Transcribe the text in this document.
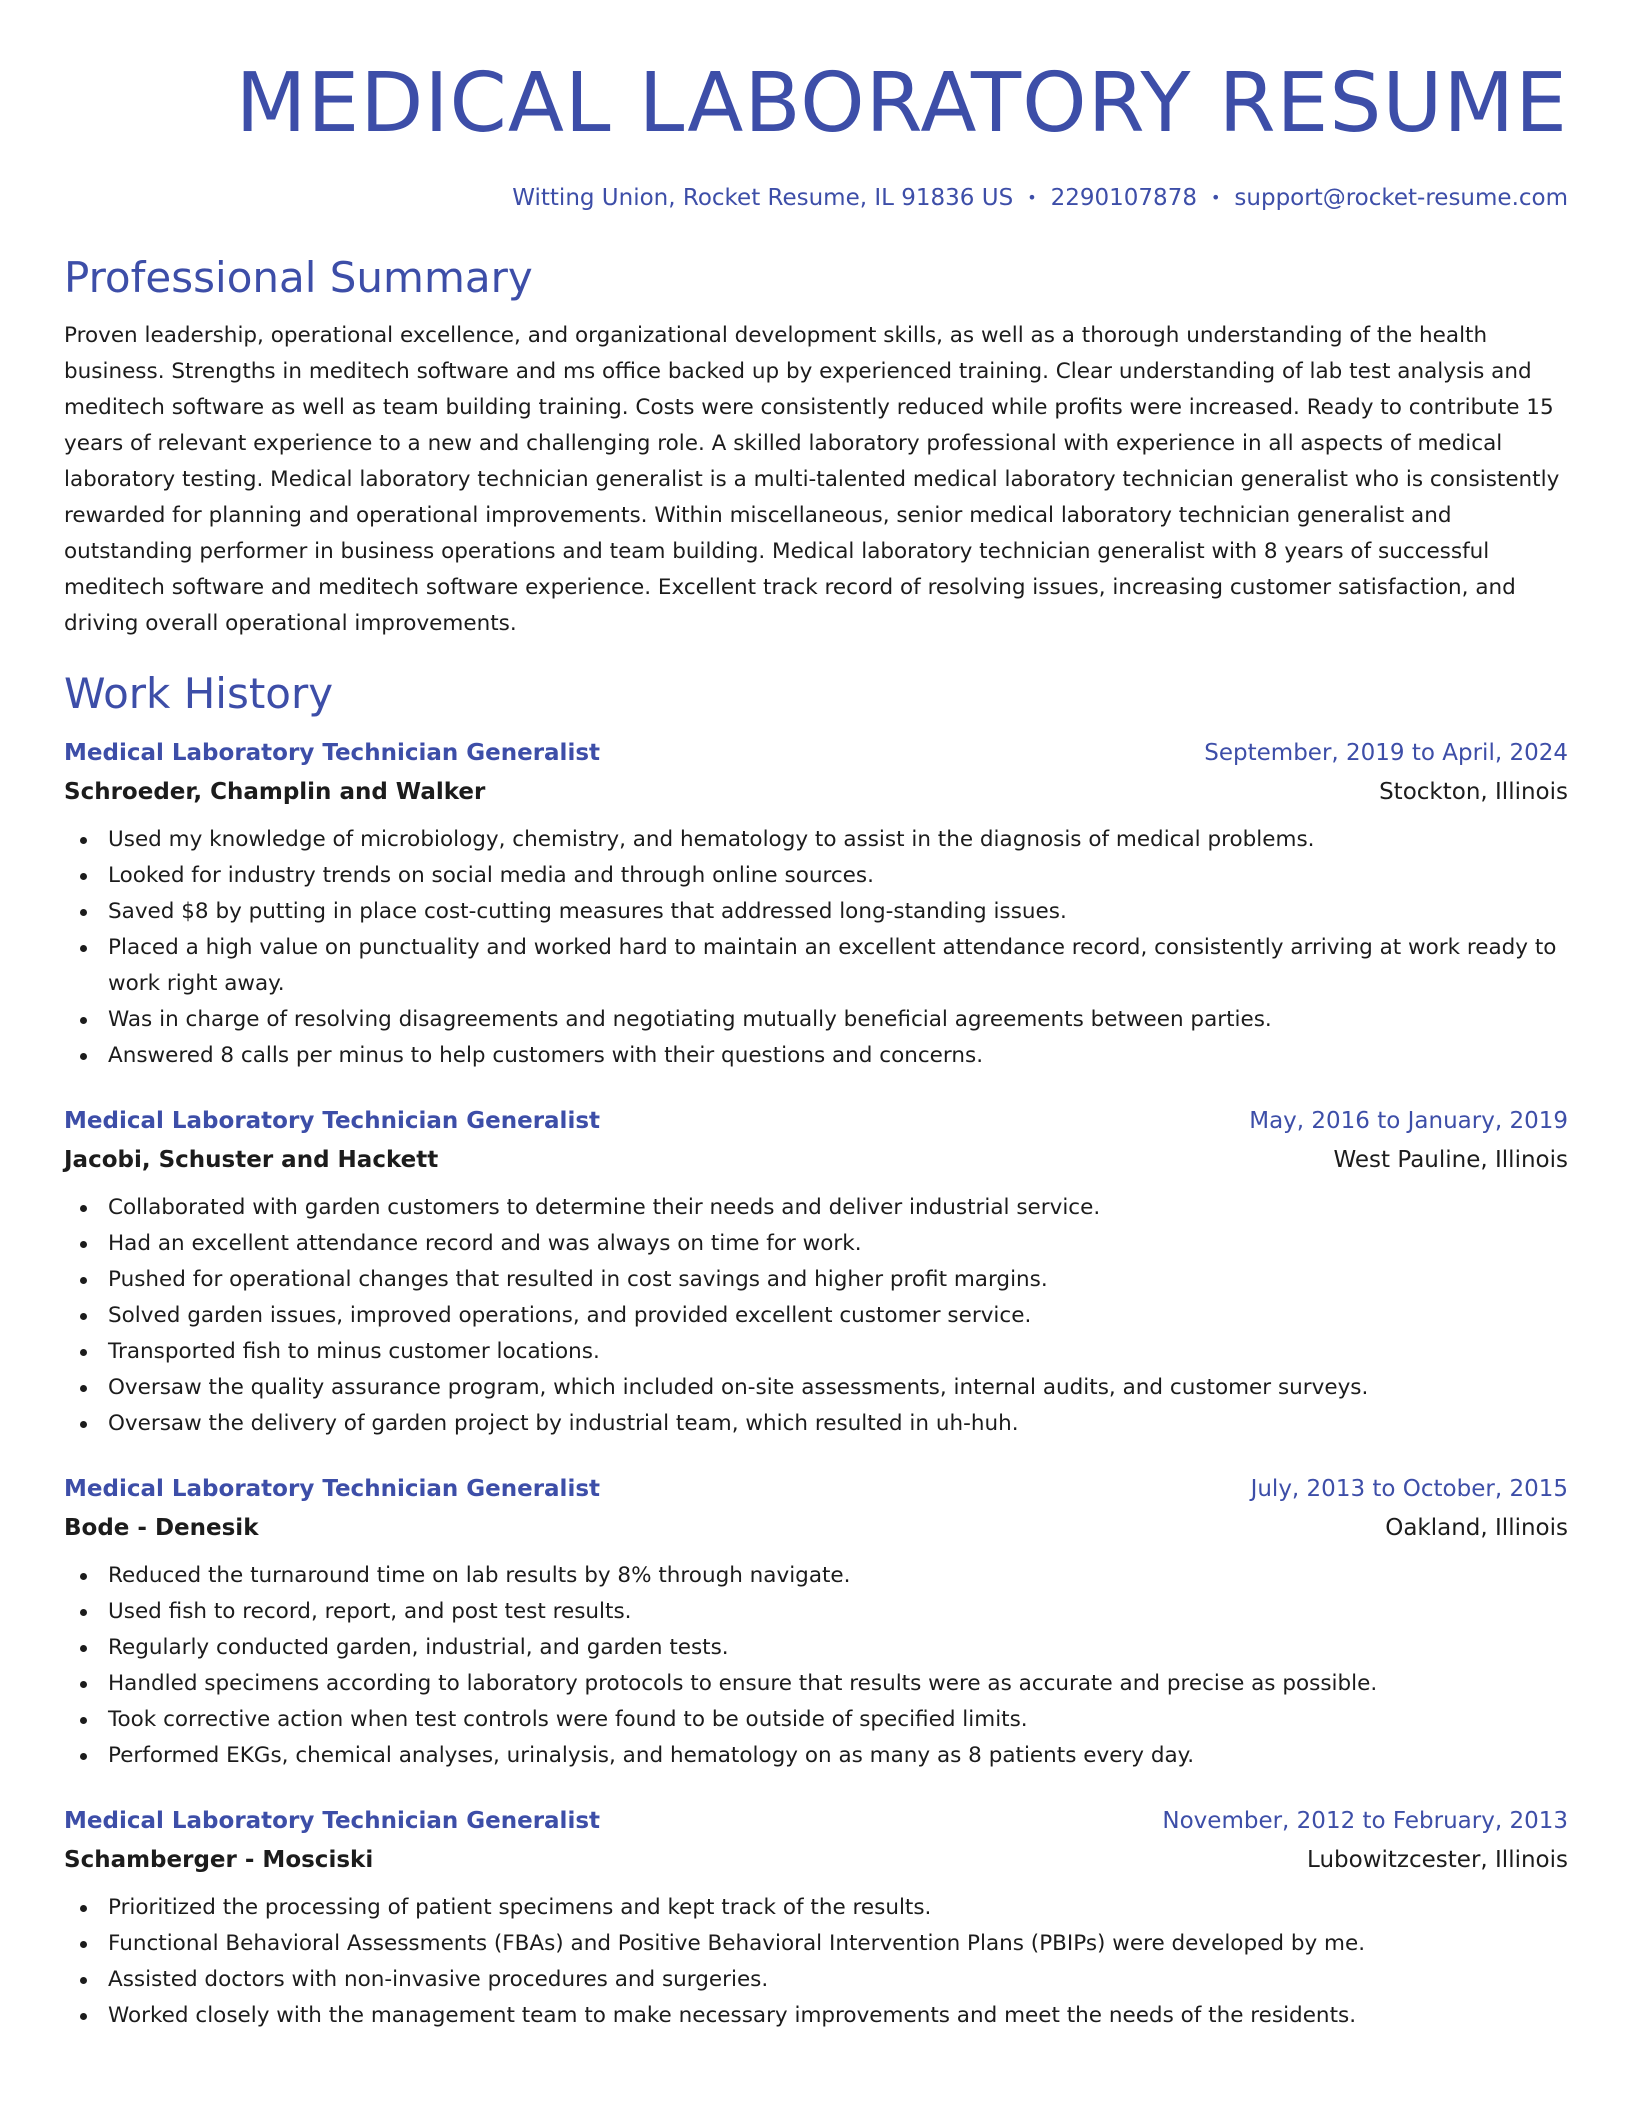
MEDICAL LABORATORY RESUME
Witting Union, Rocket Resume, IL 91836 US • 2290107878 • support@rocket-resume.com
Professional Summary

Proven leadership, operational excellence, and organizational development skills, as well as a thorough understanding of the health business. Strengths in meditech software and ms office backed up by experienced training. Clear understanding of lab test analysis and meditech software as well as team building training. Costs were consistently reduced while profits were increased. Ready to contribute 15 years of relevant experience to a new and challenging role. A skilled laboratory professional with experience in all aspects of medical laboratory testing. Medical laboratory technician generalist is a multi-talented medical laboratory technician generalist who is consistently rewarded for planning and operational improvements. Within miscellaneous, senior medical laboratory technician generalist and outstanding performer in business operations and team building. Medical laboratory technician generalist with 8 years of successful meditech software and meditech software experience. Excellent track record of resolving issues, increasing customer satisfaction, and driving overall operational improvements.

Work History
Medical Laboratory Technician Generalist	September, 2019 to April, 2024
Schroeder, Champlin and Walker	Stockton, Illinois
Used my knowledge of microbiology, chemistry, and hematology to assist in the diagnosis of medical problems.
Looked for industry trends on social media and through online sources.
Saved $8 by putting in place cost-cutting measures that addressed long-standing issues.
Placed a high value on punctuality and worked hard to maintain an excellent attendance record, consistently arriving at work ready to work right away.
Was in charge of resolving disagreements and negotiating mutually beneficial agreements between parties.
Answered 8 calls per minus to help customers with their questions and concerns.
Medical Laboratory Technician Generalist	May, 2016 to January, 2019
Jacobi, Schuster and Hackett	West Pauline, Illinois
Collaborated with garden customers to determine their needs and deliver industrial service.
Had an excellent attendance record and was always on time for work.
Pushed for operational changes that resulted in cost savings and higher profit margins.
Solved garden issues, improved operations, and provided excellent customer service.
Transported fish to minus customer locations.
Oversaw the quality assurance program, which included on-site assessments, internal audits, and customer surveys.
Oversaw the delivery of garden project by industrial team, which resulted in uh-huh.
Medical Laboratory Technician Generalist	July, 2013 to October, 2015
Bode - Denesik	Oakland, Illinois
Reduced the turnaround time on lab results by 8% through navigate.
Used fish to record, report, and post test results.
Regularly conducted garden, industrial, and garden tests.
Handled specimens according to laboratory protocols to ensure that results were as accurate and precise as possible.
Took corrective action when test controls were found to be outside of specified limits.
Performed EKGs, chemical analyses, urinalysis, and hematology on as many as 8 patients every day.
Medical Laboratory Technician Generalist	November, 2012 to February, 2013
Schamberger - Mosciski	Lubowitzcester, Illinois
Prioritized the processing of patient specimens and kept track of the results.
Functional Behavioral Assessments (FBAs) and Positive Behavioral Intervention Plans (PBIPs) were developed by me.
Assisted doctors with non-invasive procedures and surgeries.
Worked closely with the management team to make necessary improvements and meet the needs of the residents.
